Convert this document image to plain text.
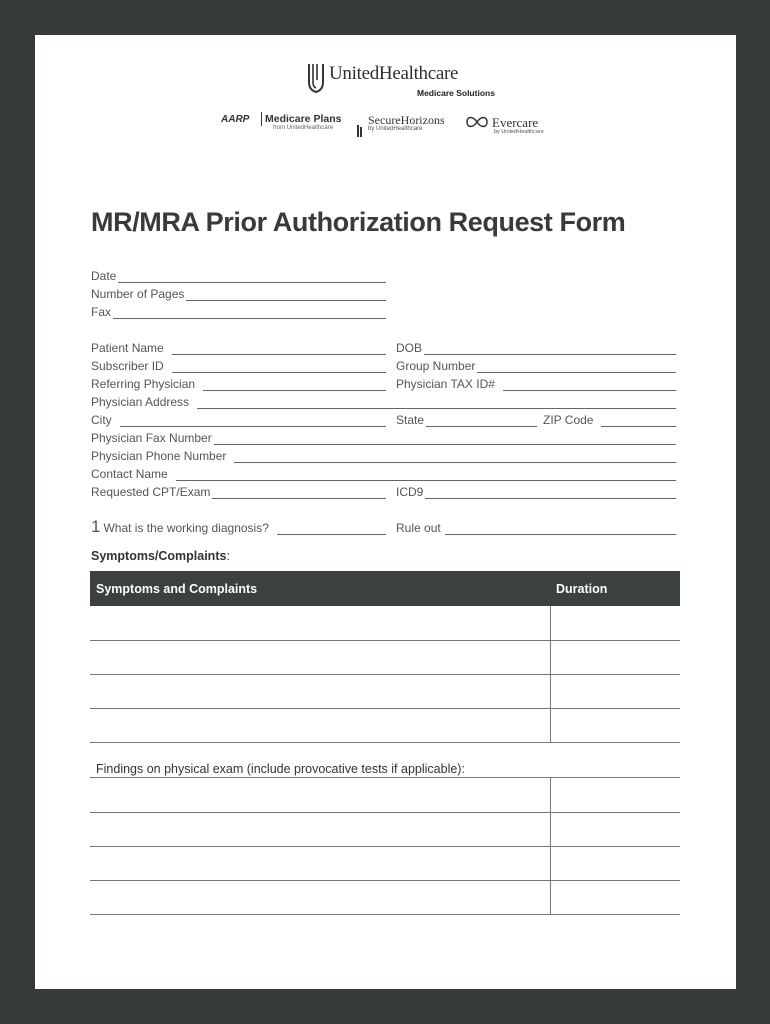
UnitedHealthcare
Medicare Solutions
AARP Medicare Plans
from UnitedHealthcare
SecureHorizons
by UnitedHealthcare	Evercare
by UnitedHealthcare
MR/MRA Prior Authorization Request Form
Date
Number of Pages
Fax
Patient Name	DOB
Subscriber ID	Group Number
Referring Physician	Physician TAX ID#
Physician Address
City	State	ZIP Code
Physician Fax Number
Physician Phone Number
Contact Name
Requested CPT/Exam	ICD9
1 What is the working diagnosis?	Rule out
Symptoms/Complaints:
Symptoms and Complaints	Duration
Findings on physical exam (include provocative tests if applicable):
